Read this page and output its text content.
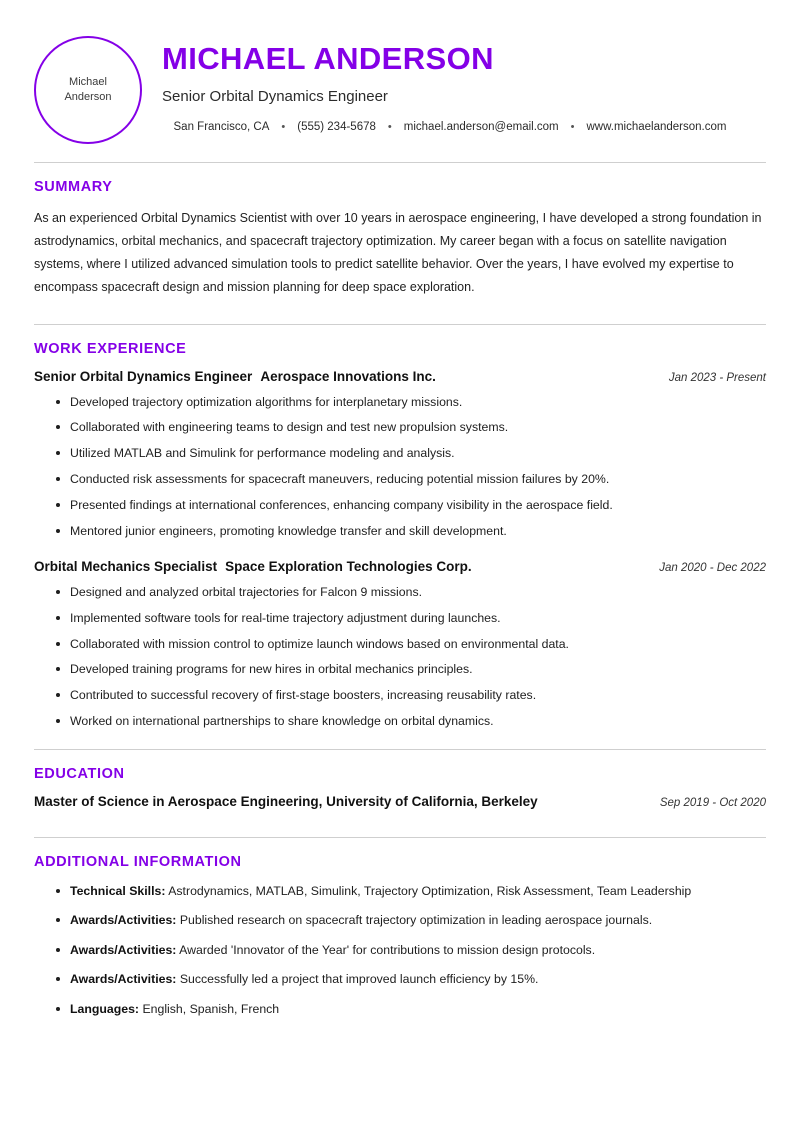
Michael
Anderson
MICHAEL ANDERSON
Senior Orbital Dynamics Engineer
San Francisco, CA	•	(555) 234-5678	•	michael.anderson@email.com	•	www.michaelanderson.com
SUMMARY

As an experienced Orbital Dynamics Scientist with over 10 years in aerospace engineering, I have developed a strong foundation in astrodynamics, orbital mechanics, and spacecraft trajectory optimization. My career began with a focus on satellite navigation systems, where I utilized advanced simulation tools to predict satellite behavior. Over the years, I have evolved my expertise to encompass spacecraft design and mission planning for deep space exploration.

WORK EXPERIENCE
Senior Orbital Dynamics Engineer Aerospace Innovations Inc.	Jan 2023 - Present
Developed trajectory optimization algorithms for interplanetary missions.
Collaborated with engineering teams to design and test new propulsion systems.
Utilized MATLAB and Simulink for performance modeling and analysis.
Conducted risk assessments for spacecraft maneuvers, reducing potential mission failures by 20%.
Presented findings at international conferences, enhancing company visibility in the aerospace field.
Mentored junior engineers, promoting knowledge transfer and skill development.
Orbital Mechanics Specialist Space Exploration Technologies Corp.	Jan 2020 - Dec 2022
Designed and analyzed orbital trajectories for Falcon 9 missions.
Implemented software tools for real-time trajectory adjustment during launches.
Collaborated with mission control to optimize launch windows based on environmental data.
Developed training programs for new hires in orbital mechanics principles.
Contributed to successful recovery of first-stage boosters, increasing reusability rates.
Worked on international partnerships to share knowledge on orbital dynamics.
EDUCATION
Master of Science in Aerospace Engineering, University of California, Berkeley	Sep 2019 - Oct 2020
ADDITIONAL INFORMATION
Technical Skills: Astrodynamics, MATLAB, Simulink, Trajectory Optimization, Risk Assessment, Team Leadership
Awards/Activities: Published research on spacecraft trajectory optimization in leading aerospace journals.
Awards/Activities: Awarded 'Innovator of the Year' for contributions to mission design protocols.
Awards/Activities: Successfully led a project that improved launch efficiency by 15%.
Languages: English, Spanish, French
